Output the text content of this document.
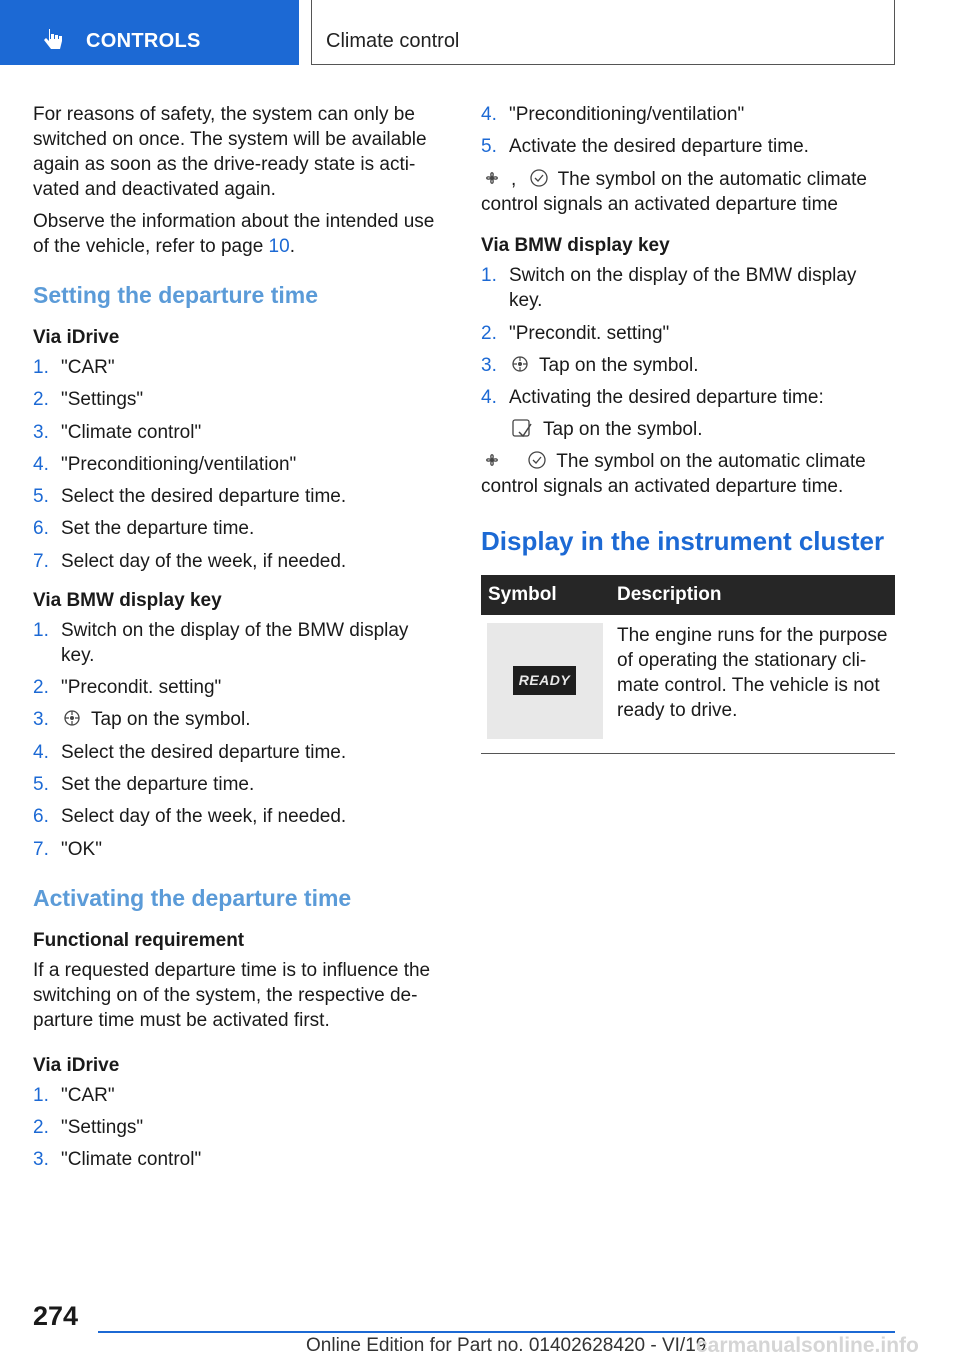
CONTROLS	Climate control

For reasons of safety, the system can only be switched on once. The system will be available again as soon as the drive-ready state is activated and deactivated again.

Observe the information about the intended use of the vehicle, refer to page 10.

Setting the departure time
Via iDrive
1. "CAR"
2. "Settings"
3. "Climate control"
4. "Preconditioning/ventilation"
5. Select the desired departure time.
6. Set the departure time.
7. Select day of the week, if needed.
Via BMW display key
1. Switch on the display of the BMW display key.
2. "Precondit. setting"
3. Tap on the symbol.
4. Select the desired departure time.
5. Set the departure time.
6. Select day of the week, if needed.
7. "OK"
Activating the departure time
Functional requirement

If a requested departure time is to influence the switching on of the system, the respective departure time must be activated first.

Via iDrive
1. "CAR"
2. "Settings"
3. "Climate control"
4. "Preconditioning/ventilation"
5. Activate the desired departure time.

, The symbol on the automatic climate control signals an activated departure time

Via BMW display key
1. Switch on the display of the BMW display key.
2. "Precondit. setting"
3. Tap on the symbol.
4. Activating the desired departure time:

Tap on the symbol.

The symbol on the automatic climate control signals an activated departure time.

Display in the instrument cluster
Symbol	Description

READY	The engine runs for the purpose of operating the stationary climate control. The vehicle is not ready to drive.
274
Online Edition for Part no. 01402628420 - VI/19
carmanualsonline.info
